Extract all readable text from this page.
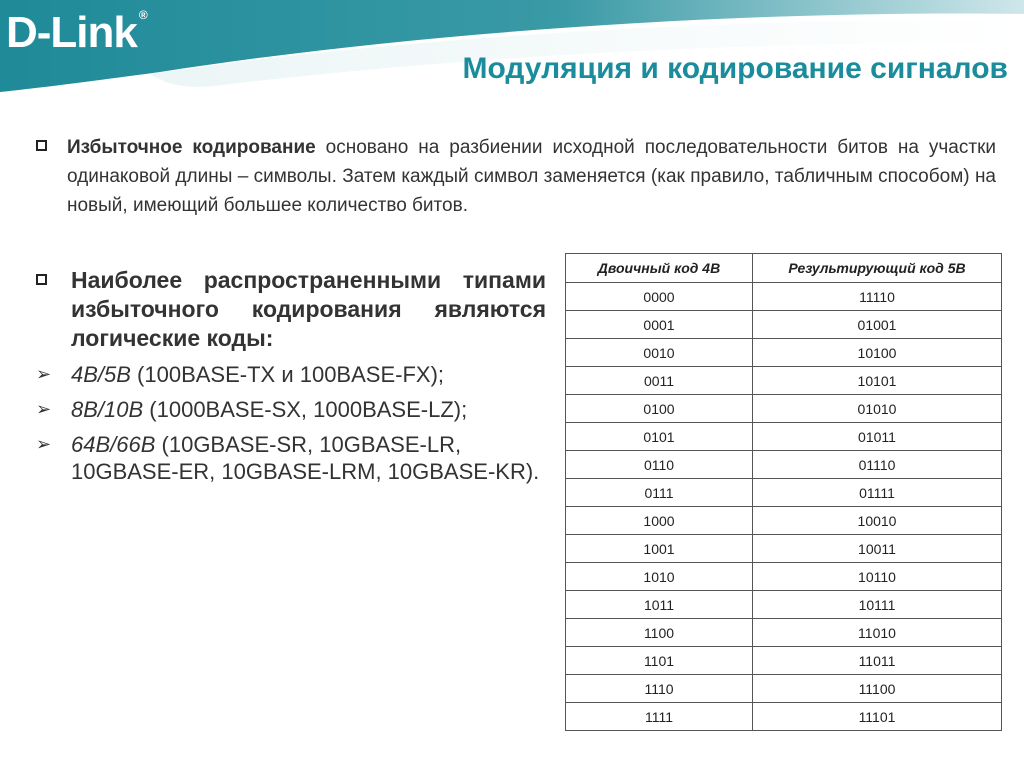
D-Link ®
Модуляция и кодирование сигналов
Избыточное кодирование основано на разбиении исходной последовательности битов на участки одинаковой длины – символы. Затем каждый символ заменяется (как правило, табличным способом) на новый, имеющий большее количество битов.
Наиболее распространенными типами избыточного кодирования являются логические коды:
➢ 4B/5B (100BASE-TX и 100BASE-FX);
➢ 8B/10B (1000BASE-SX, 1000BASE-LZ);
➢ 64B/66B (10GBASE-SR, 10GBASE-LR, 10GBASE-ER, 10GBASE-LRM, 10GBASE-KR).
Двоичный код 4B	Результирующий код 5B
0000	11110
0001	01001
0010	10100
0011	10101
0100	01010
0101	01011
0110	01110
0111	01111
1000	10010
1001	10011
1010	10110
1011	10111
1100	11010
1101	11011
1110	11100
1111	11101
